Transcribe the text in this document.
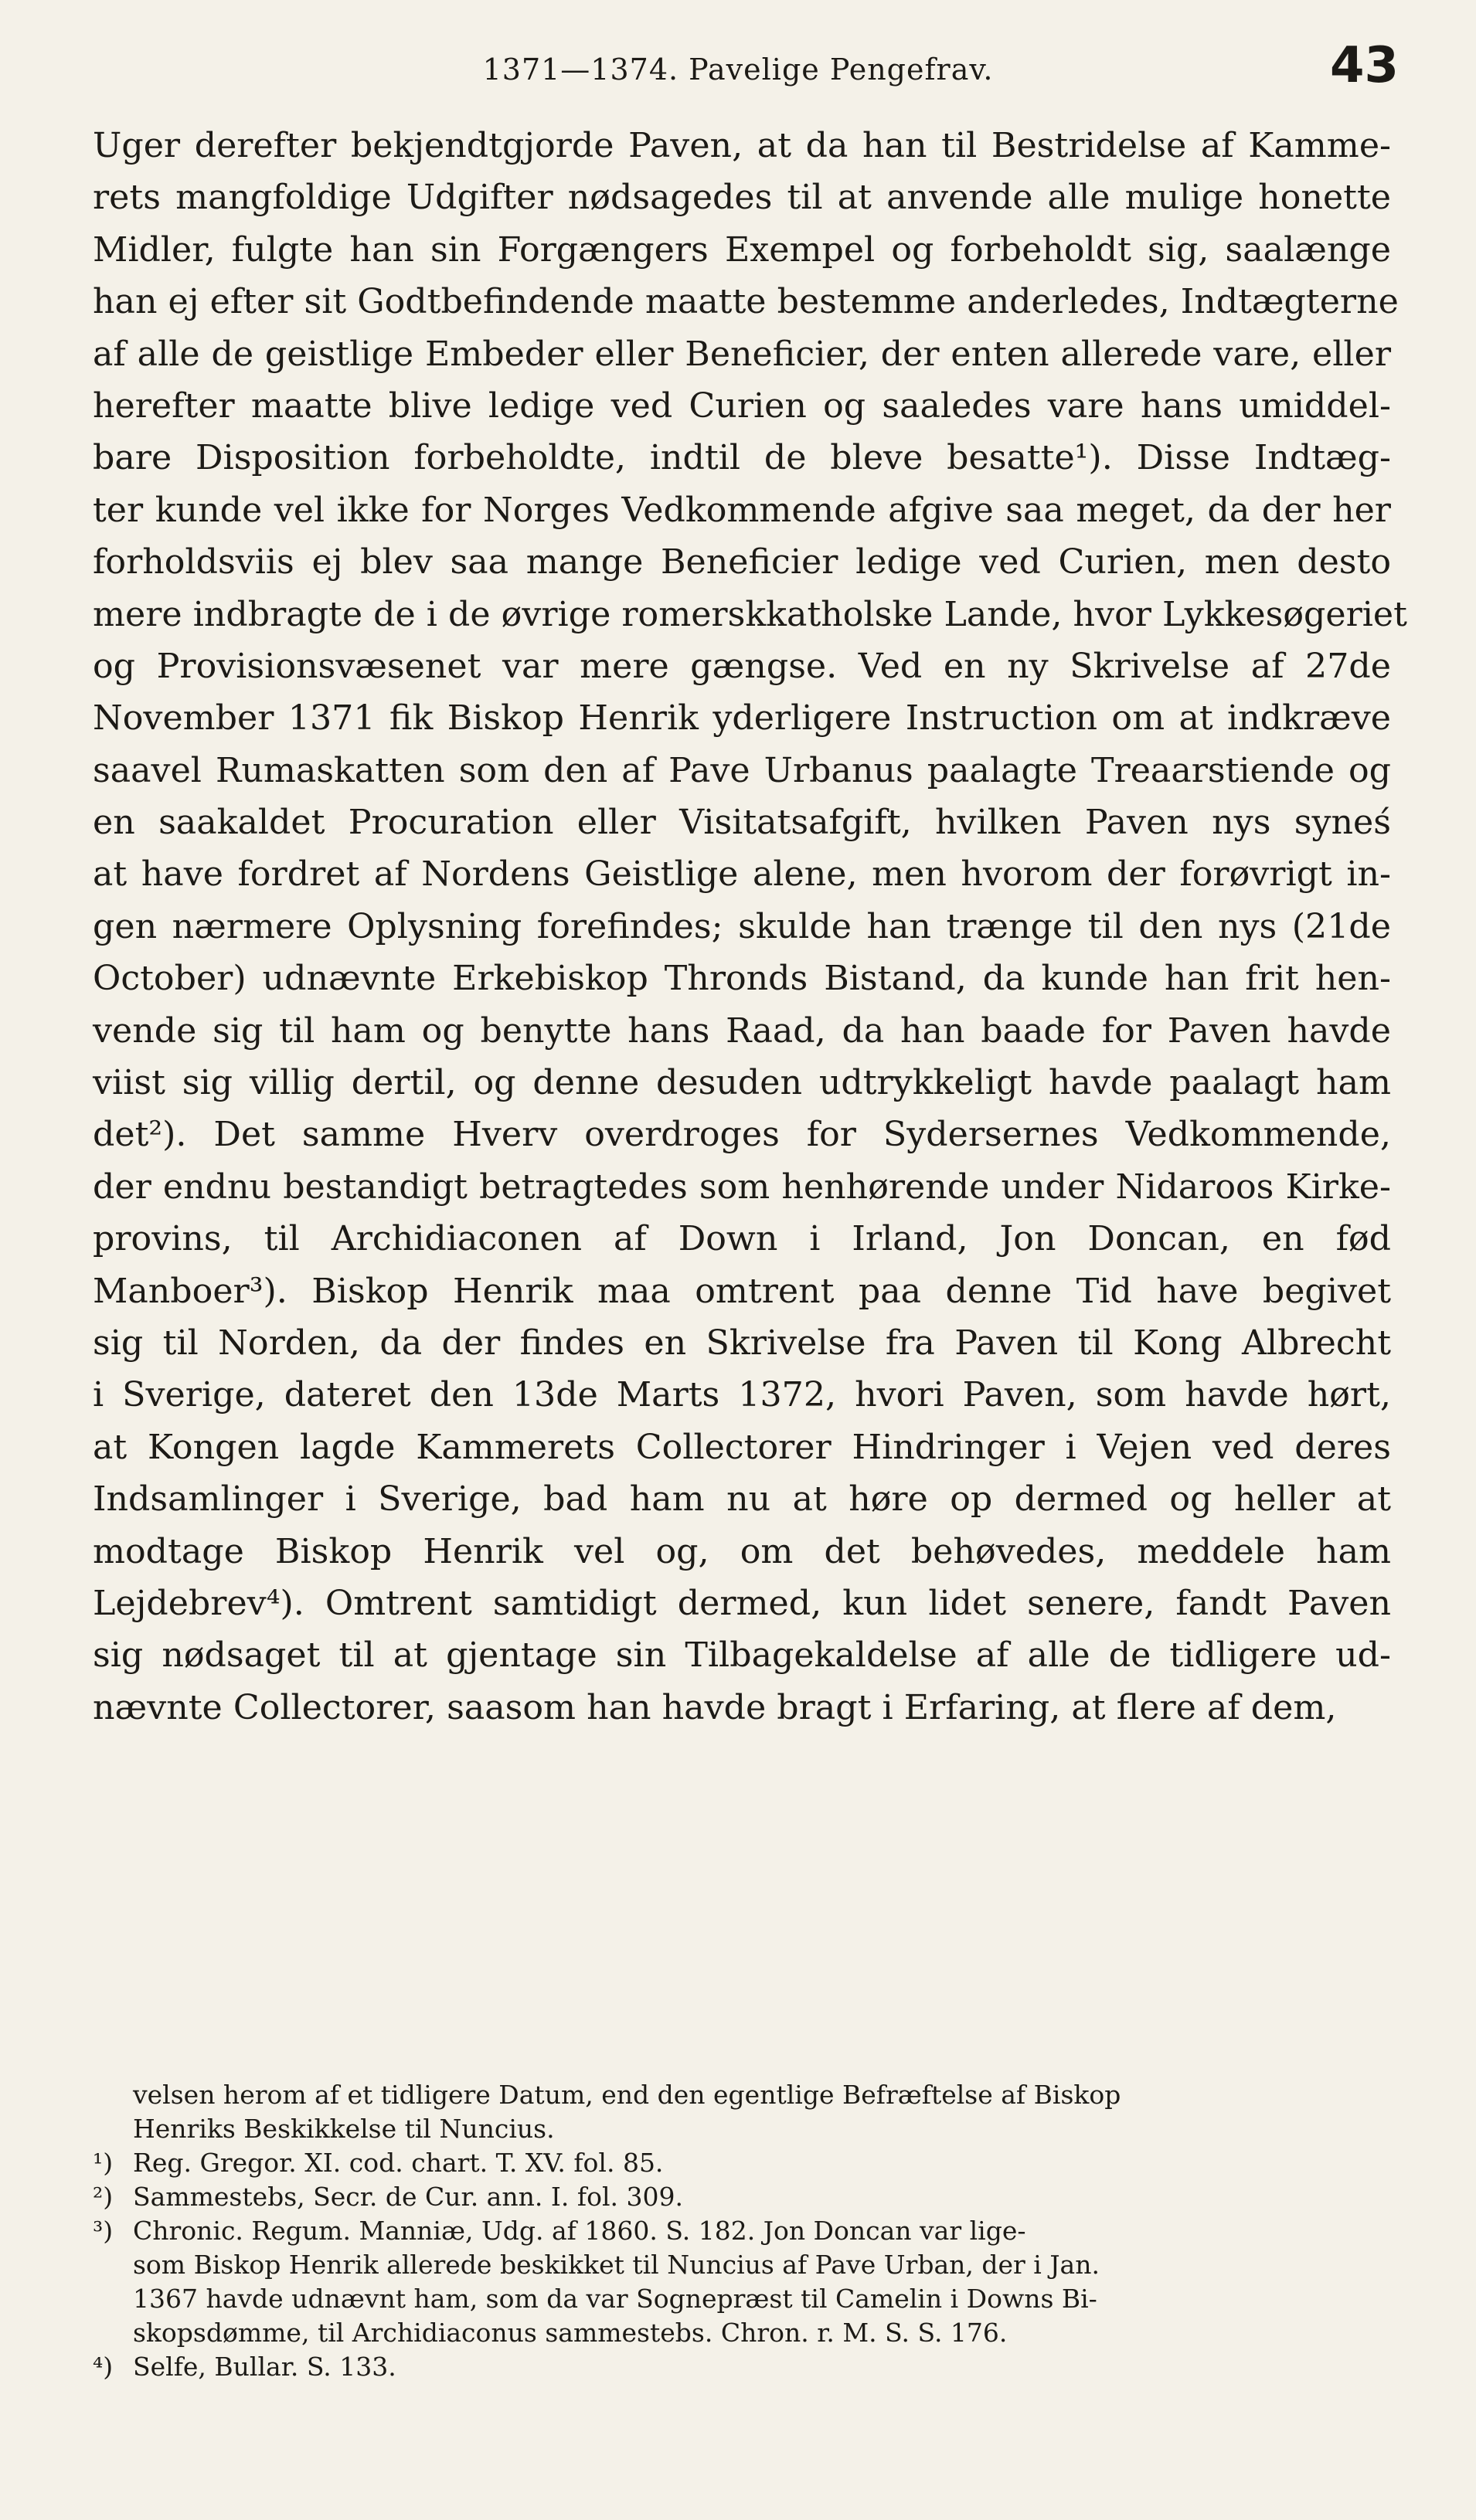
1371—1374. Pavelige Pengefrav.	43
Uger derefter bekjendtgjorde Paven, at da han til Bestridelse af Kamme-
rets mangfoldige Udgifter nødsagedes til at anvende alle mulige honette
Midler, fulgte han sin Forgængers Exempel og forbeholdt sig, saalænge
han ej efter sit Godtbefindende maatte bestemme anderledes, Indtægterne
af alle de geistlige Embeder eller Beneficier, der enten allerede vare, eller
herefter maatte blive ledige ved Curien og saaledes vare hans umiddel-
bare Disposition forbeholdte, indtil de bleve besatte¹). Disse Indtæg-
ter kunde vel ikke for Norges Vedkommende afgive saa meget, da der her
forholdsviis ej blev saa mange Beneficier ledige ved Curien, men desto
mere indbragte de i de øvrige romerskkatholske Lande, hvor Lykkesøgeriet
og Provisionsvæsenet var mere gængse. Ved en ny Skrivelse af 27de
November 1371 fik Biskop Henrik yderligere Instruction om at indkræve
saavel Rumaskatten som den af Pave Urbanus paalagte Treaarstiende og
en saakaldet Procuration eller Visitatsafgift, hvilken Paven nys syneś
at have fordret af Nordens Geistlige alene, men hvorom der forøvrigt in-
gen nærmere Oplysning forefindes; skulde han trænge til den nys (21de
October) udnævnte Erkebiskop Thronds Bistand, da kunde han frit hen-
vende sig til ham og benytte hans Raad, da han baade for Paven havde
viist sig villig dertil, og denne desuden udtrykkeligt havde paalagt ham
det²). Det samme Hverv overdroges for Sydersernes Vedkommende,
der endnu bestandigt betragtedes som henhørende under Nidaroos Kirke-
provins, til Archidiaconen af Down i Irland, Jon Doncan, en fød
Manboer³). Biskop Henrik maa omtrent paa denne Tid have begivet
sig til Norden, da der findes en Skrivelse fra Paven til Kong Albrecht
i Sverige, dateret den 13de Marts 1372, hvori Paven, som havde hørt,
at Kongen lagde Kammerets Collectorer Hindringer i Vejen ved deres
Indsamlinger i Sverige, bad ham nu at høre op dermed og heller at
modtage Biskop Henrik vel og, om det behøvedes, meddele ham
Lejdebrev⁴). Omtrent samtidigt dermed, kun lidet senere, fandt Paven
sig nødsaget til at gjentage sin Tilbagekaldelse af alle de tidligere ud-
nævnte Collectorer, saasom han havde bragt i Erfaring, at flere af dem,
velsen herom af et tidligere Datum, end den egentlige Befræftelse af Biskop
Henriks Beskikkelse til Nuncius.
¹) Reg. Gregor. XI. cod. chart. T. XV. fol. 85.
²) Sammestebs, Secr. de Cur. ann. I. fol. 309.
³) Chronic. Regum. Manniæ, Udg. af 1860. S. 182. Jon Doncan var lige-
som Biskop Henrik allerede beskikket til Nuncius af Pave Urban, der i Jan.
1367 havde udnævnt ham, som da var Sognepræst til Camelin i Downs Bi-
skopsdømme, til Archidiaconus sammestebs. Chron. r. M. S. S. 176.
⁴) Selfe, Bullar. S. 133.
